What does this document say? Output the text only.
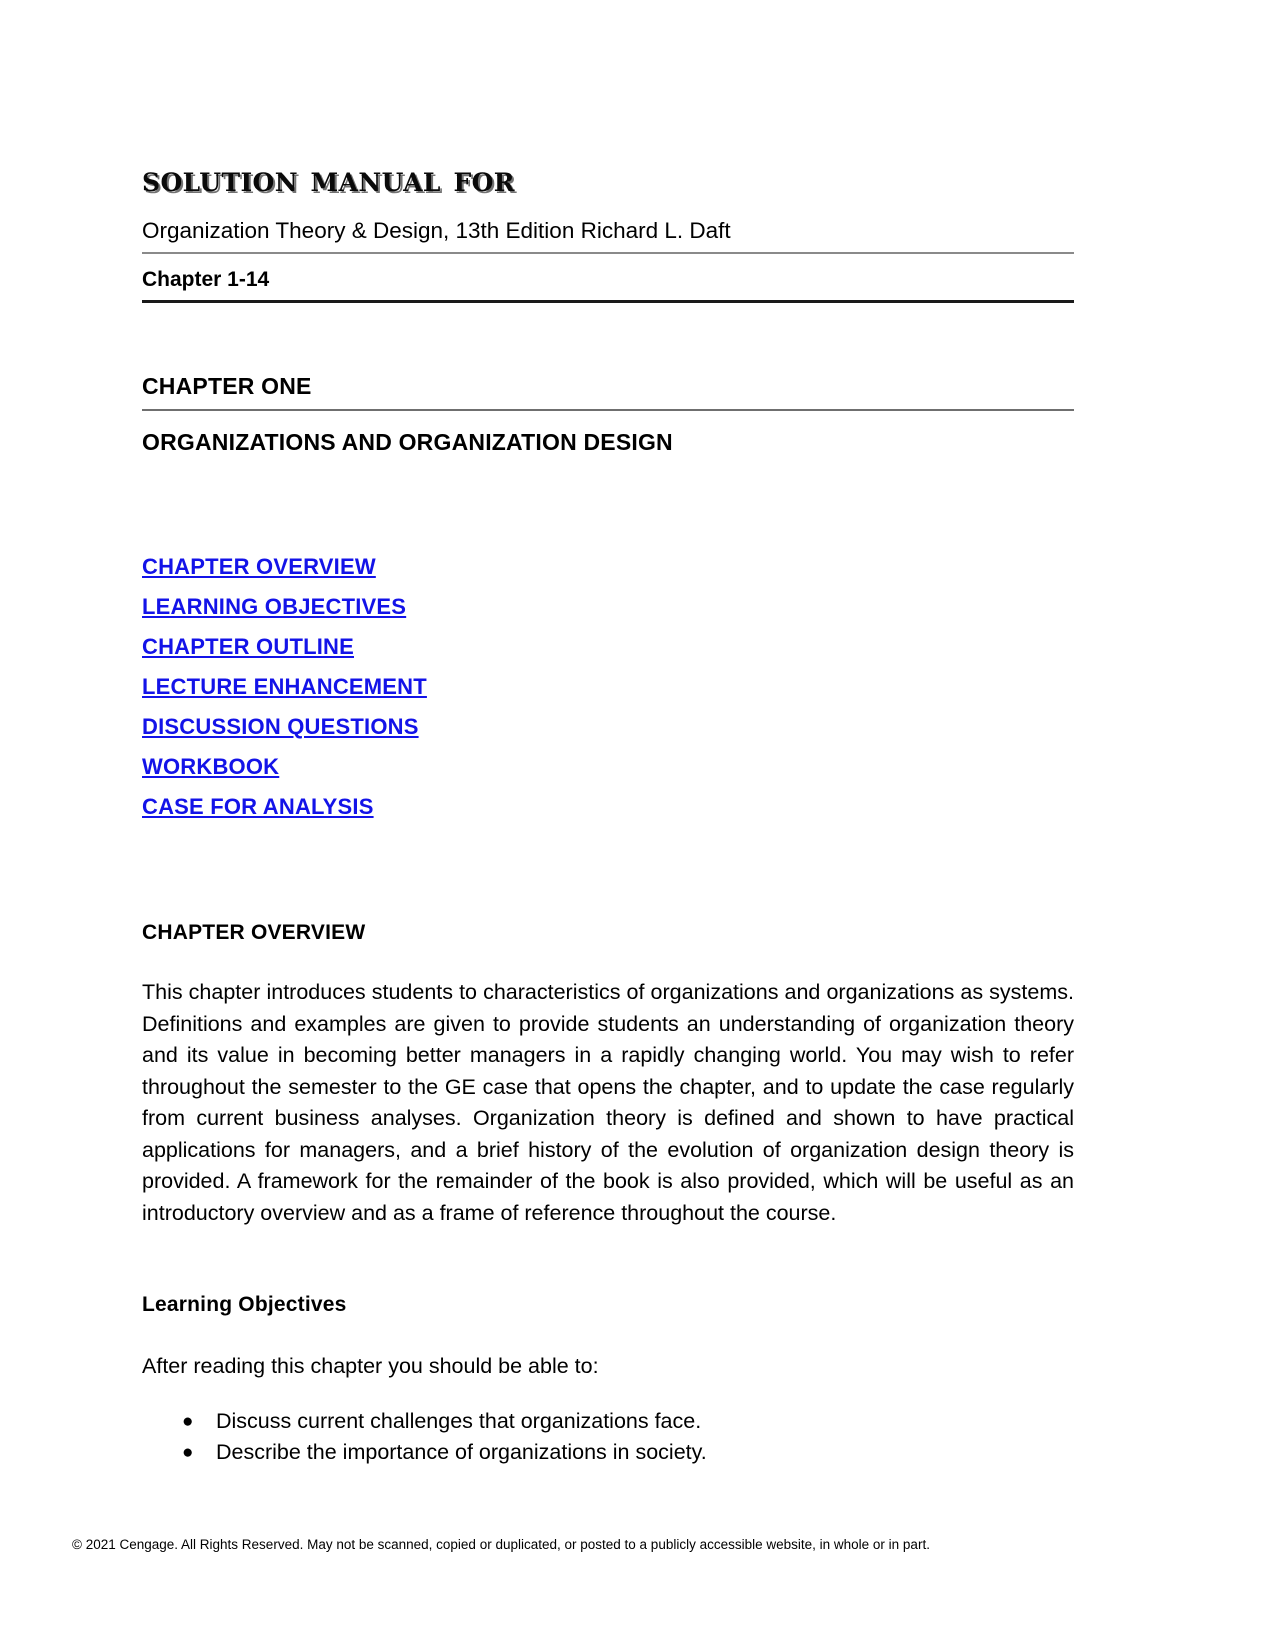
solution manual for
Organization Theory & Design, 13th Edition Richard L. Daft
Chapter 1-14
CHAPTER ONE
ORGANIZATIONS AND ORGANIZATION DESIGN
CHAPTER OVERVIEW
LEARNING OBJECTIVES
CHAPTER OUTLINE
LECTURE ENHANCEMENT
DISCUSSION QUESTIONS
WORKBOOK
CASE FOR ANALYSIS
CHAPTER OVERVIEW

This chapter introduces students to characteristics of organizations and organizations as systems. Definitions and examples are given to provide students an understanding of organization theory and its value in becoming better managers in a rapidly changing world. You may wish to refer throughout the semester to the GE case that opens the chapter, and to update the case regularly from current business analyses. Organization theory is defined and shown to have practical applications for managers, and a brief history of the evolution of organization design theory is provided. A framework for the remainder of the book is also provided, which will be useful as an introductory overview and as a frame of reference throughout the course.

Learning Objectives

After reading this chapter you should be able to:

● Discuss current challenges that organizations face.
● Describe the importance of organizations in society.
© 2021 Cengage. All Rights Reserved. May not be scanned, copied or duplicated, or posted to a publicly accessible website, in whole or in part.
